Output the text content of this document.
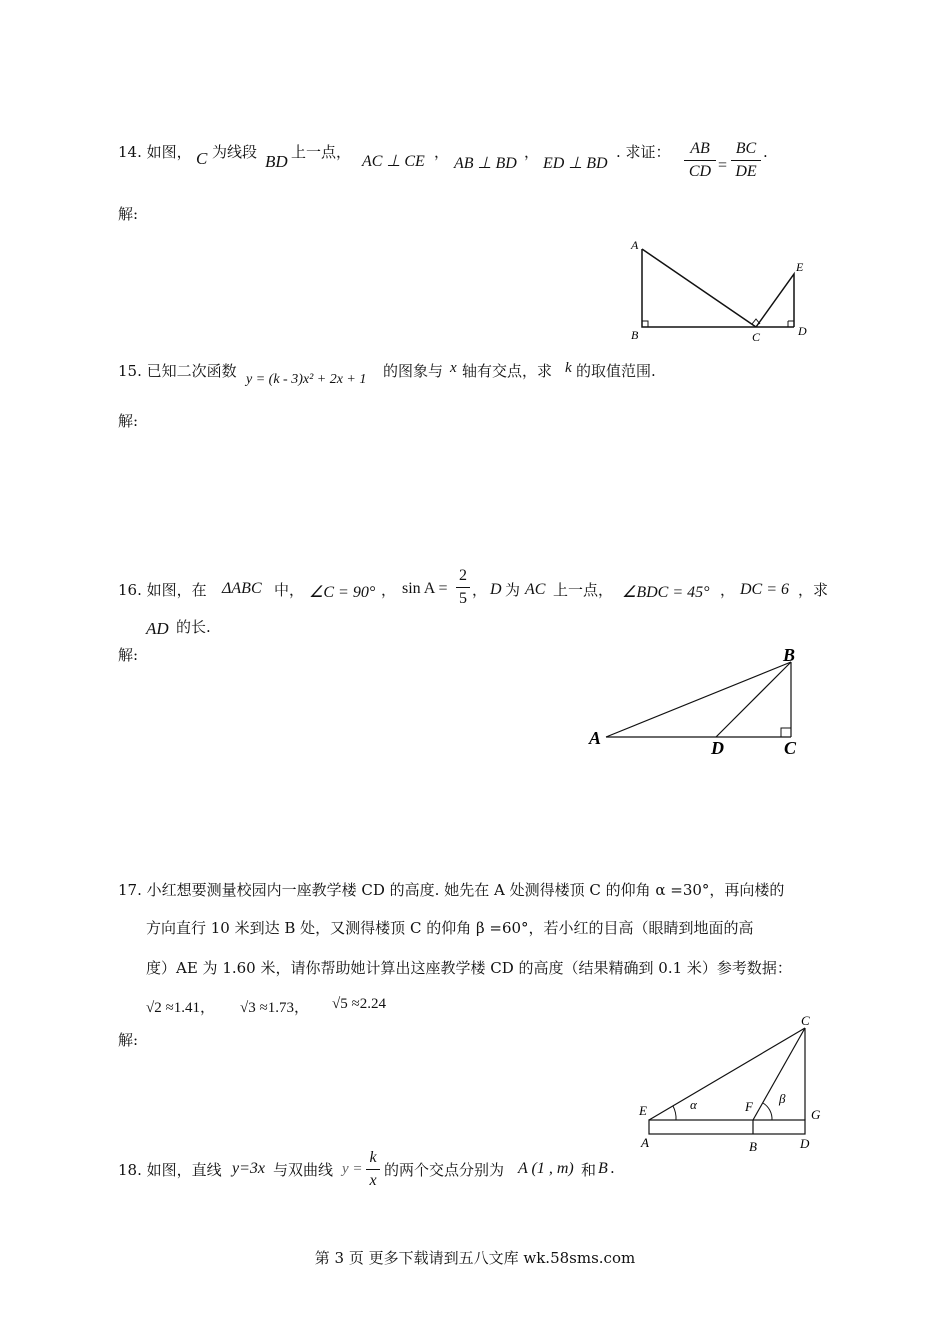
14. 如图， C 为线段 BD 上一点，
AC ⊥ CE
，
AB ⊥ BD
，
ED ⊥ BD
. 求证：	AB
CD =
BC
DE
.
解:
A
B	C	D
E
15. 已知二次函数 y = (k - 3)x² + 2x + 1 的图象与 x 轴有交点，求 k 的取值范围.
解:
16. 如图，在 ΔABC 中， ∠C = 90° ， sin A =
2
5 ， D 为 AC 上一点， ∠BDC = 45° ， DC = 6 ，求
AD 的长.
解:
A
B
C
D
17. 小红想要测量校园内一座教学楼 CD 的高度. 她先在 A 处测得楼顶 C 的仰角 α =30°，再向楼的
方向直行 10 米到达 B 处，又测得楼顶 C 的仰角 β =60°，若小红的目高（眼睛到地面的高
度）AE 为 1.60 米，请你帮助她计算出这座教学楼 CD 的高度（结果精确到 0.1 米）参考数据：
√2 ≈1.41， √3 ≈1.73， √5 ≈2.24
解:
C
E	F
G
A	B	D
α	β
18. 如图，直线 y=3x 与双曲线 y =
k
x
的两个交点分别为 A (1 , m) 和 B .
第 3 页 更多下载请到五八文库 wk.58sms.com
